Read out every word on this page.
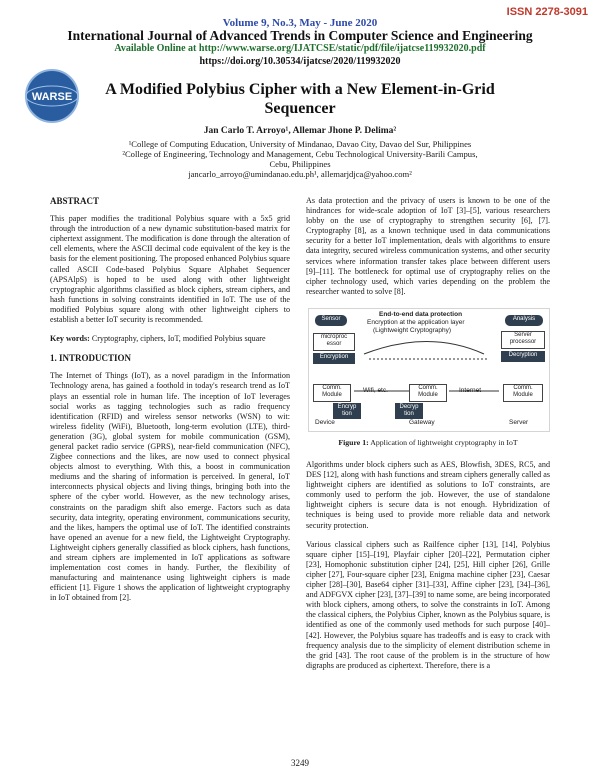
ISSN 2278-3091
Volume 9, No.3, May - June 2020
International Journal of Advanced Trends in Computer Science and Engineering
Available Online at http://www.warse.org/IJATCSE/static/pdf/file/ijatcse119932020.pdf
https://doi.org/10.30534/ijatcse/2020/119932020
WARSE	A Modified Polybius Cipher with a New Element-in-Grid Sequencer
Jan Carlo T. Arroyo¹, Allemar Jhone P. Delima²
¹College of Computing Education, University of Mindanao, Davao City, Davao del Sur, Philippines
²College of Engineering, Technology and Management, Cebu Technological University-Barili Campus,
Cebu, Philippines
jancarlo_arroyo@umindanao.edu.ph¹, allemarjdjca@yahoo.com²

ABSTRACT

This paper modifies the traditional Polybius square with a 5x5 grid through the introduction of a new dynamic substitution-based matrix for ciphertext assignment. The modification is done through the alteration of cell elements, where the ASCII decimal code equivalent of the key is the basis for the element positioning. The proposed enhanced Polybius square called ASCII Code-based Polybius Square Alphabet Sequencer (APSAlpS) is hoped to be used along with other lightweight cryptographic algorithms classified as block ciphers, stream ciphers, and hash functions in solving constraints identified in IoT. The use of the modified Polybius square along with other lightweight ciphers to establish a better IoT security is recommended.

Key words: Cryptography, ciphers, IoT, modified Polybius square

1. INTRODUCTION

The Internet of Things (IoT), as a novel paradigm in the Information Technology arena, has gained a foothold in today's research trend as IoT plays an essential role in human life. The inception of IoT leverages social works as tagging technologies such as radio frequency identification (RFID) and wireless sensor networks (WSN) to wit: wireless fidelity (WiFi), Bluetooth, long-term evolution (LTE), third-generation (3G), global system for mobile communication (GSM), general packet radio service (GPRS), near-field communication (NFC), Zigbee connections and the likes, are now used to connect physical objects almost to everything. With this, a boost in communication mediums and the sharing of information is perceived. In general, IoT interconnects physical objects and living things, bringing both into the sphere of the cyber world. However, as the new technology arises, constraints on the paradigm shift also emerge. Factors such as data security, data integrity, operating environment, communications security, and the likes, hampers the optimal use of IoT. The identified constraints have opened an avenue for a new field, the Lightweight Cryptography. Lightweight ciphers generally classified as block ciphers, hash functions, and stream ciphers are implemented in IoT applications as software implementation cost comes in handy. Further, the flexibility of manufacturing and maintenance using lightweight ciphers is made efficient [1]. Figure 1 shows the application of lightweight cryptography in IoT obtained from [2].

As data protection and the privacy of users is known to be one of the hindrances for wide-scale adoption of IoT [3]–[5], various researchers lobby on the use of cryptography to strengthen security [6], [7]. Cryptography [8], as a known technique used in data communications security for a better IoT implementation, deals with algorithms to ensure data integrity, secured wireless communication systems, and other security services where information transfer takes place between different users [9]–[11]. The bottleneck for optimal use of cryptography relies on the cipher technology used, which varies depending on the problem the researcher wanted to solve [8].

End-to-end data protection
Encryption at the application layer
(Lightweight Cryptography)
Sensor
microproc essor
Encryption
Comm. Module
Encryp tion
Wifi, etc.	Comm. Module
Decryp tion
Internet
Analysis
Server processor
Decryption
Comm. Module
Device	Gateway	Server
Figure 1: Application of lightweight cryptography in IoT

Algorithms under block ciphers such as AES, Blowfish, 3DES, RC5, and DES [12], along with hash functions and stream ciphers generally called as lightweight ciphers are identified as solutions to IoT constraints, are commonly used to perform the job. However, the use of standalone lightweight ciphers is secure data is not enough. Hybridization of techniques is being used to provide more reliable data and network security protection.

Various classical ciphers such as Railfence cipher [13], [14], Polybius square cipher [15]–[19], Playfair cipher [20]–[22], Permutation cipher [23], Homophonic substitution cipher [24], [25], Hill cipher [26], Grille cipher [27], Four-square cipher [23], Enigma machine cipher [23], Caesar cipher [28]–[30], Base64 cipher [31]–[33], Affine cipher [23], [34]–[36], and ADFGVX cipher [23], [37]–[39] to name some, are being incorporated with block ciphers, among others, to solve the constraints in IoT. Among the classical ciphers, the Polybius Cipher, known as the Polybius square, is identified as one of the commonly used methods for such purpose [40]–[42]. However, the Polybius square has tradeoffs and is easy to crack with frequency analysis due to the simplicity of element distribution scheme in the grid [43]. The root cause of the problem is in the structure of how digraphs are produced as ciphertext. Therefore, there is a

3249
